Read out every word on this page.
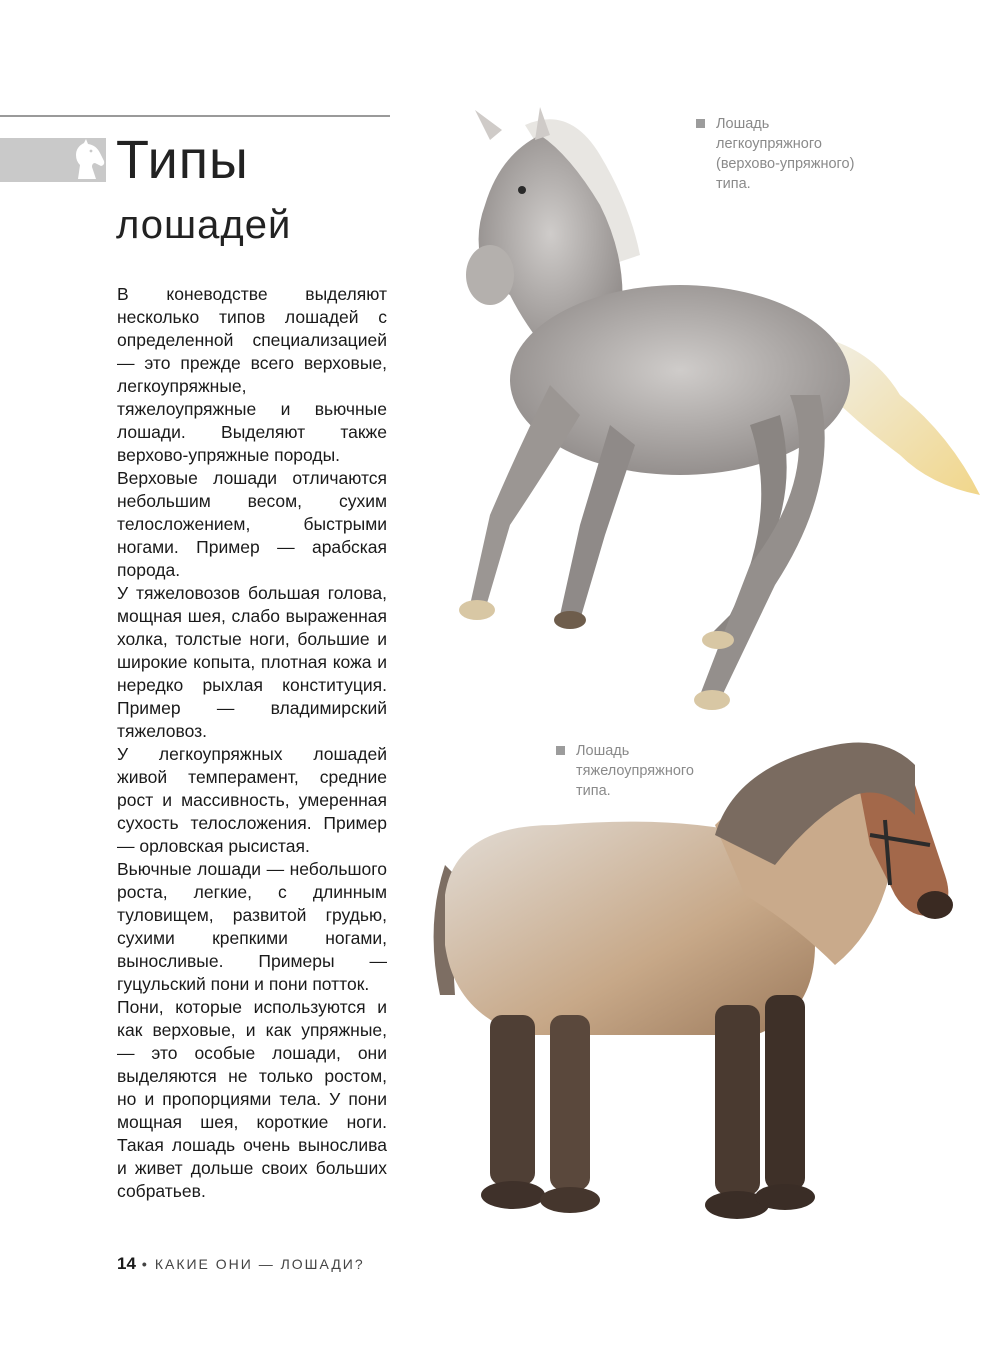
Типы
лошадей

В коневодстве выделяют несколько типов лошадей с определенной специализацией — это прежде всего верховые, легкоупряжные, тяжелоупряжные и вьючные лошади. Выделяют также верхово-упряжные породы.

Верховые лошади отличаются небольшим весом, сухим телосложением, быстрыми ногами. Пример — арабская порода.

У тяжеловозов большая голова, мощная шея, слабо выраженная холка, толстые ноги, большие и широкие копыта, плотная кожа и нередко рыхлая конституция. Пример — владимирский тяжеловоз.

У легкоупряжных лошадей живой темперамент, средние рост и массивность, умеренная сухость телосложения. Пример — орловская рысистая.

Вьючные лошади — небольшого роста, легкие, с длинным туловищем, развитой грудью, сухими крепкими ногами, выносливые. Примеры — гуцульский пони и пони потток.

Пони, которые используются и как верховые, и как упряжные, — это особые лошади, они выделяются не только ростом, но и пропорциями тела. У пони мощная шея, короткие ноги. Такая лошадь очень вынослива и живет дольше своих больших собратьев.

Лошадь легкоупряжного (верхово-упряжного) типа.
Лошадь тяжелоупряжного типа.
14 • КАКИЕ ОНИ — ЛОШАДИ?
